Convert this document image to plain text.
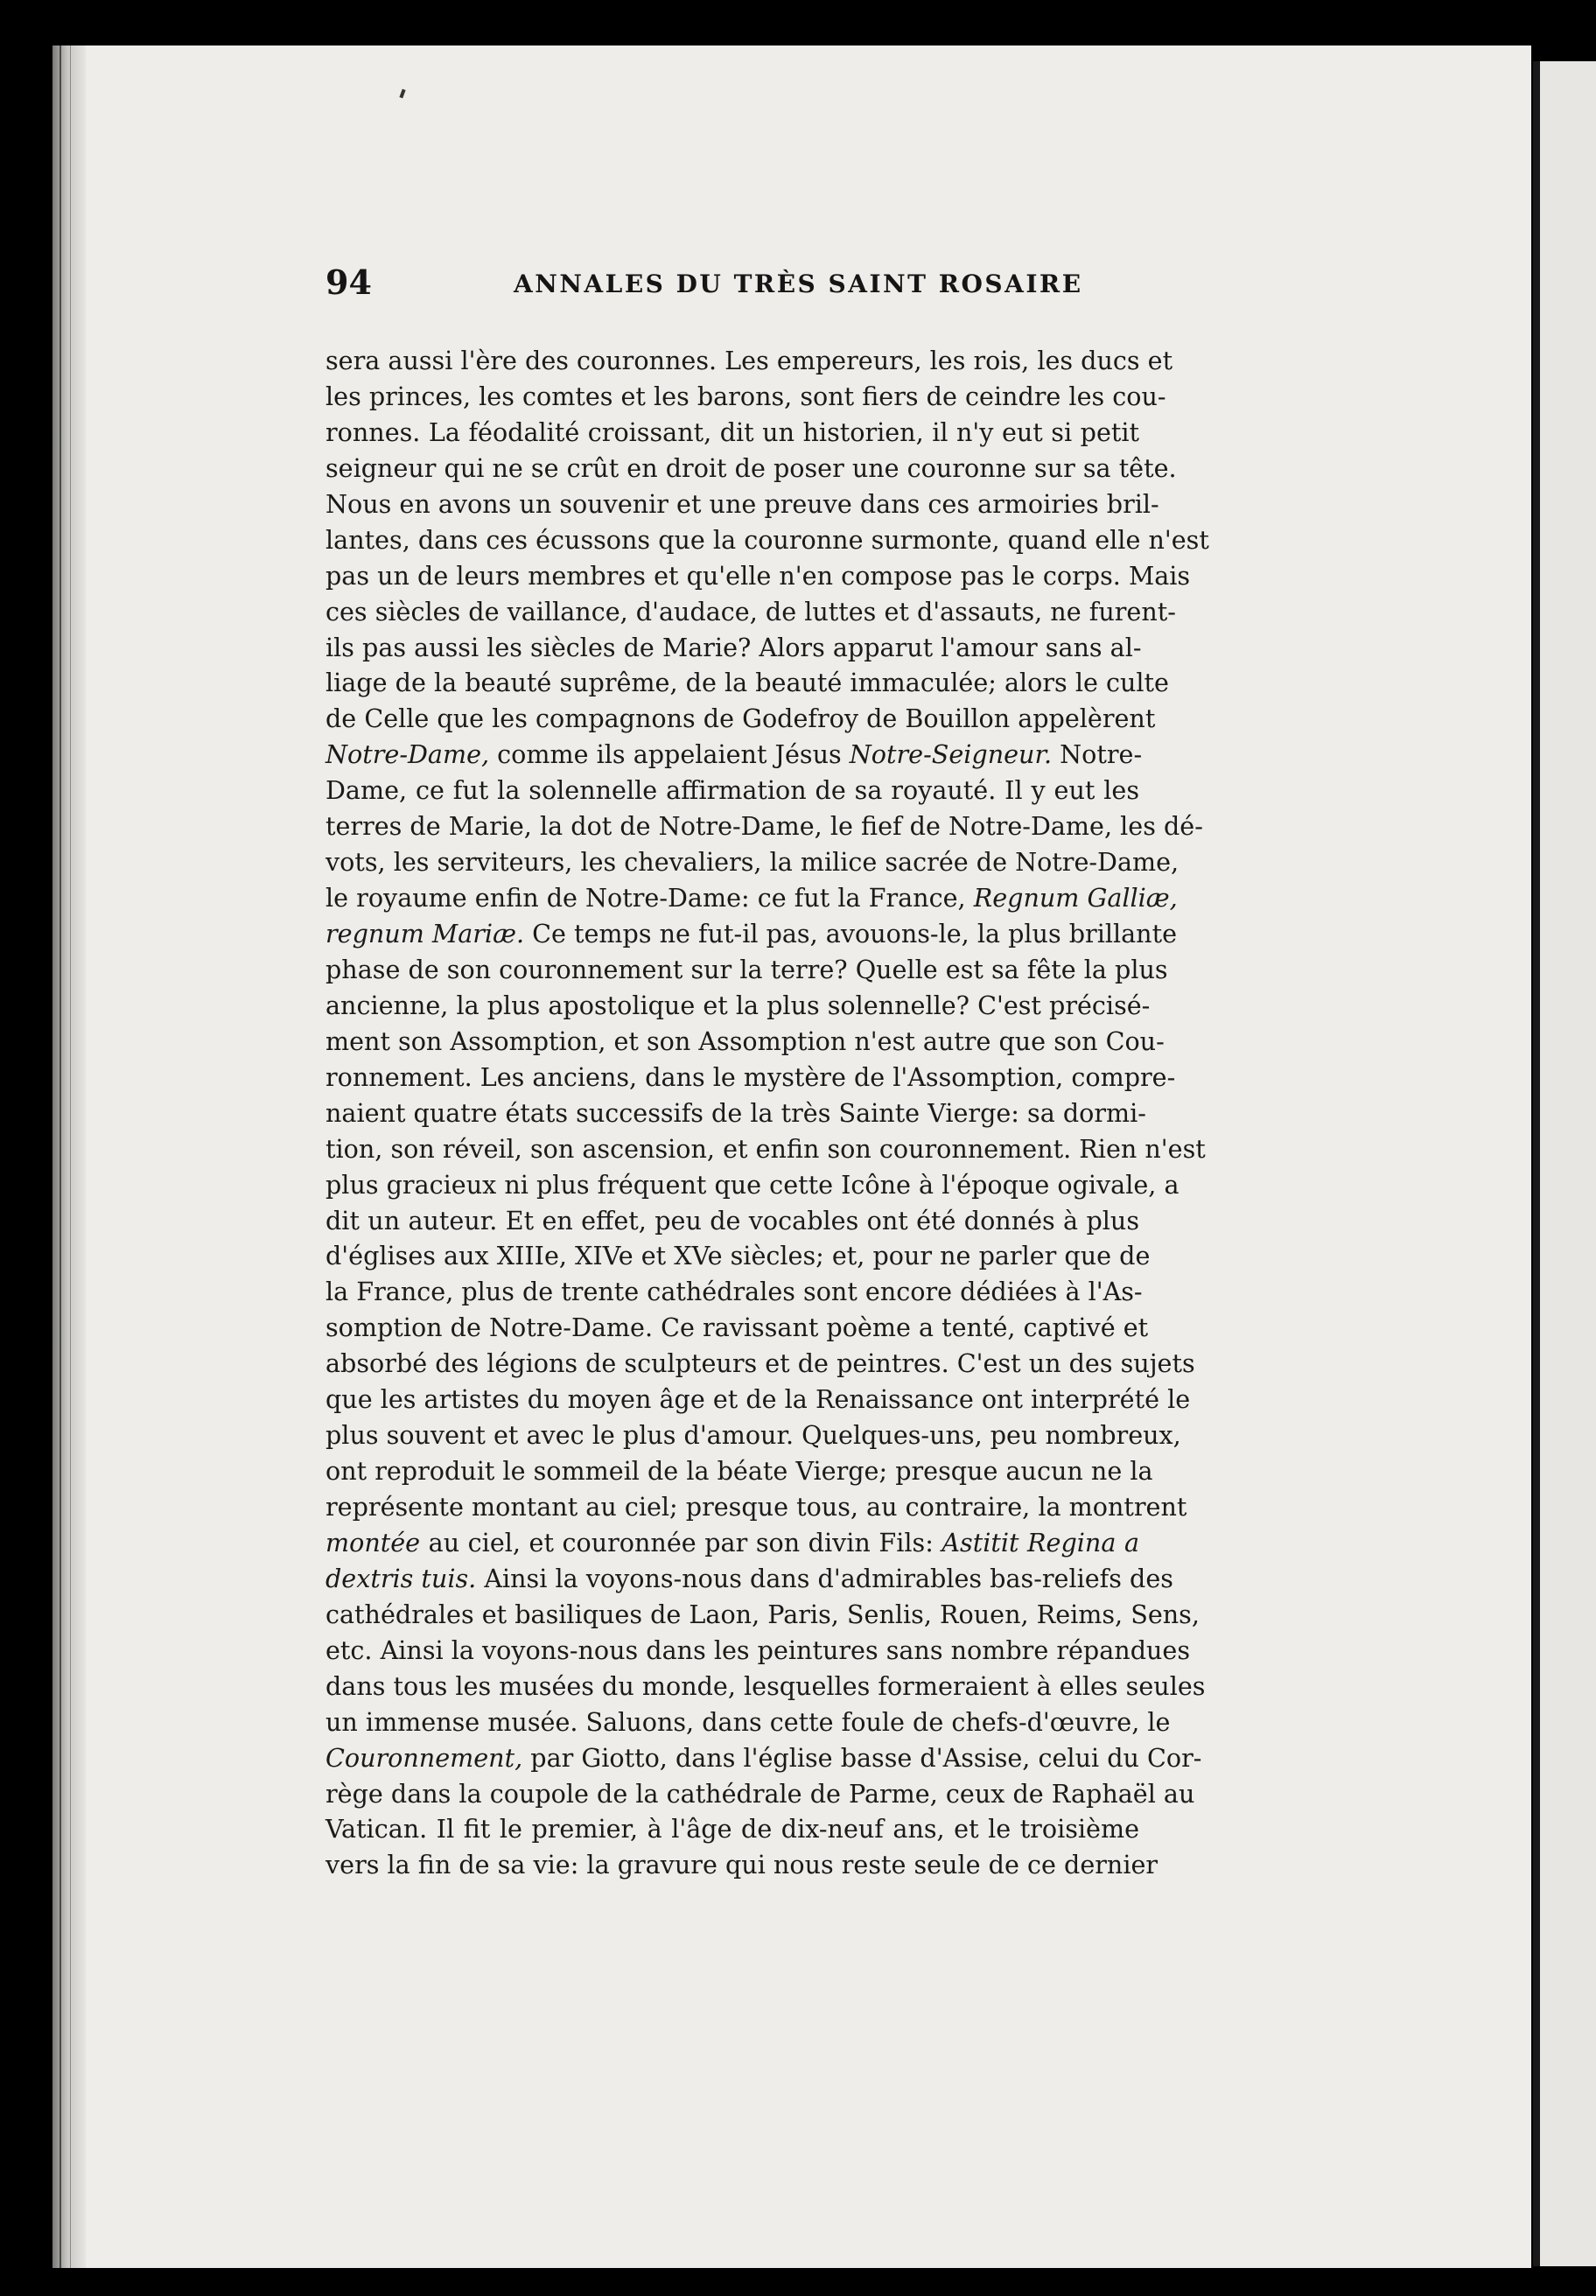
94	ANNALES DU TRÈS SAINT ROSAIRE
sera aussi l'ère des couronnes. Les empereurs, les rois, les ducs et
les princes, les comtes et les barons, sont fiers de ceindre les cou-
ronnes. La féodalité croissant, dit un historien, il n'y eut si petit
seigneur qui ne se crût en droit de poser une couronne sur sa tête.
Nous en avons un souvenir et une preuve dans ces armoiries bril-
lantes, dans ces écussons que la couronne surmonte, quand elle n'est
pas un de leurs membres et qu'elle n'en compose pas le corps. Mais
ces siècles de vaillance, d'audace, de luttes et d'assauts, ne furent-
ils pas aussi les siècles de Marie? Alors apparut l'amour sans al-
liage de la beauté suprême, de la beauté immaculée; alors le culte
de Celle que les compagnons de Godefroy de Bouillon appelèrent
Notre-Dame, comme ils appelaient Jésus Notre-Seigneur. Notre-
Dame, ce fut la solennelle affirmation de sa royauté. Il y eut les
terres de Marie, la dot de Notre-Dame, le fief de Notre-Dame, les dé-
vots, les serviteurs, les chevaliers, la milice sacrée de Notre-Dame,
le royaume enfin de Notre-Dame: ce fut la France, Regnum Galliæ,
regnum Mariæ. Ce temps ne fut-il pas, avouons-le, la plus brillante
phase de son couronnement sur la terre? Quelle est sa fête la plus
ancienne, la plus apostolique et la plus solennelle? C'est précisé-
ment son Assomption, et son Assomption n'est autre que son Cou-
ronnement. Les anciens, dans le mystère de l'Assomption, compre-
naient quatre états successifs de la très Sainte Vierge: sa dormi-
tion, son réveil, son ascension, et enfin son couronnement. Rien n'est
plus gracieux ni plus fréquent que cette Icône à l'époque ogivale, a
dit un auteur. Et en effet, peu de vocables ont été donnés à plus
d'églises aux XIIIe, XIVe et XVe siècles; et, pour ne parler que de
la France, plus de trente cathédrales sont encore dédiées à l'As-
somption de Notre-Dame. Ce ravissant poème a tenté, captivé et
absorbé des légions de sculpteurs et de peintres. C'est un des sujets
que les artistes du moyen âge et de la Renaissance ont interprété le
plus souvent et avec le plus d'amour. Quelques-uns, peu nombreux,
ont reproduit le sommeil de la béate Vierge; presque aucun ne la
représente montant au ciel; presque tous, au contraire, la montrent
montée au ciel, et couronnée par son divin Fils: Astitit Regina a
dextris tuis. Ainsi la voyons-nous dans d'admirables bas-reliefs des
cathédrales et basiliques de Laon, Paris, Senlis, Rouen, Reims, Sens,
etc. Ainsi la voyons-nous dans les peintures sans nombre répandues
dans tous les musées du monde, lesquelles formeraient à elles seules
un immense musée. Saluons, dans cette foule de chefs-d'œuvre, le
Couronnement, par Giotto, dans l'église basse d'Assise, celui du Cor-
rège dans la coupole de la cathédrale de Parme, ceux de Raphaël au
Vatican. Il fit le premier, à l'âge de dix-neuf ans, et le troisième
vers la fin de sa vie: la gravure qui nous reste seule de ce dernier
